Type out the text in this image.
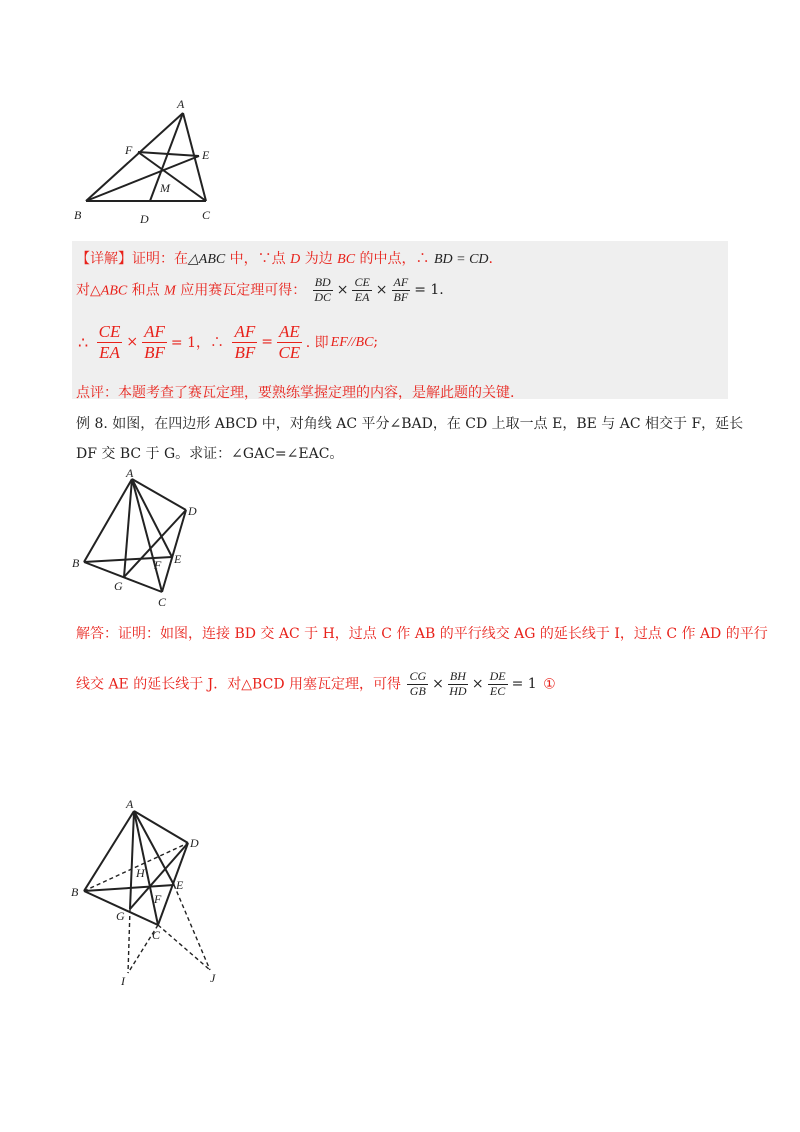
A
F	E
M
B	D	C
【详解】证明：在△ABC 中，∵点 D 为边 BC 的中点，∴ BD = CD.
对△ABC 和点 M 应用赛瓦定理可得： $\frac{BD}{DC} \times \frac{CE}{EA} \times \frac{AF}{BF} = 1$.
∴ $\frac{CE}{EA} \times \frac{AF}{BF} = 1$，∴ $\frac{AF}{BF} = \frac{AE}{CE}$ . 即EF//BC;
点评：本题考查了赛瓦定理，要熟练掌握定理的内容，是解此题的关键.
例 8. 如图，在四边形 ABCD 中，对角线 AC 平分∠BAD，在 CD 上取一点 E，BE 与 AC 相交于 F，延长
DF 交 BC 于 G。求证：∠GAC=∠EAC。
A
D
B	F E
G
C
解答：证明：如图，连接 BD 交 AC 于 H，过点 C 作 AB 的平行线交 AG 的延长线于 I，过点 C 作 AD 的平行
线交 AE 的延长线于 J．对△BCD 用塞瓦定理，可得 $\frac{CG}{GB} \times \frac{BH}{HD} \times \frac{DE}{EC} = 1$ ①
A
D
H
B	E
F
G
C
I	J
